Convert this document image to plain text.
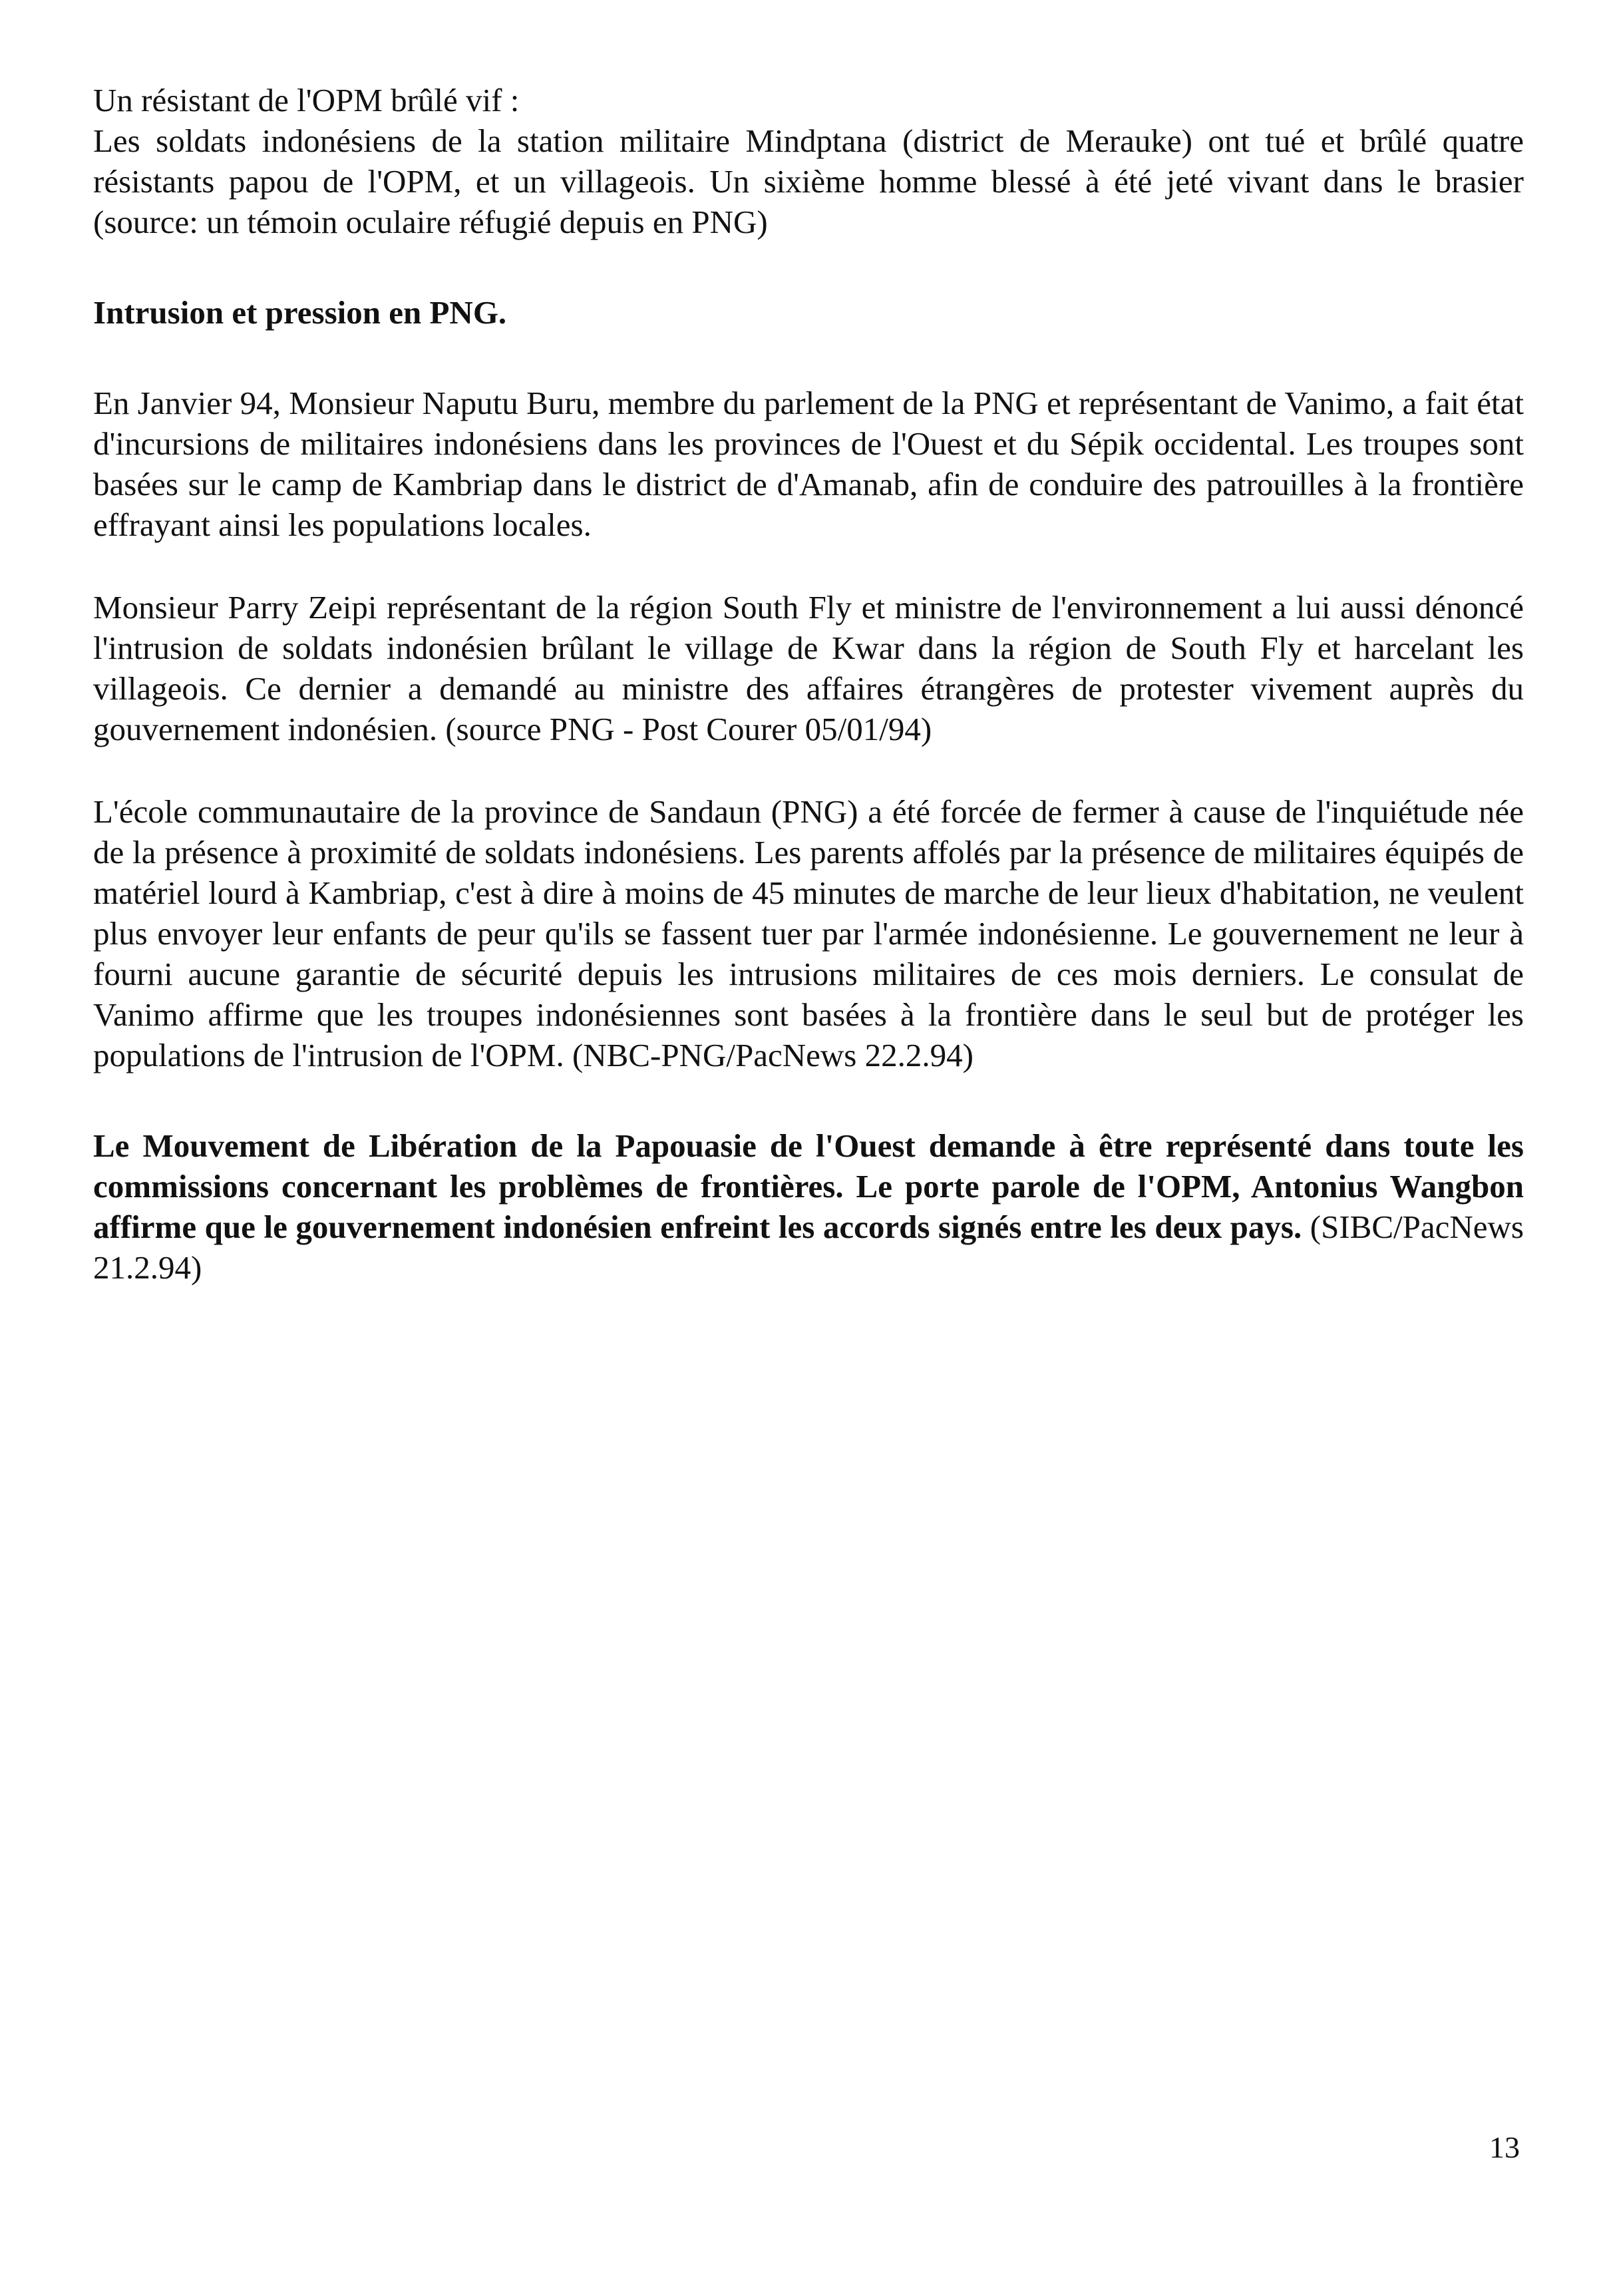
Un résistant de l'OPM brûlé vif :
Les soldats indonésiens de la station militaire Mindptana (district de Merauke) ont tué et brûlé quatre résistants papou de l'OPM, et un villageois. Un sixième homme blessé à été jeté vivant dans le brasier (source: un témoin oculaire réfugié depuis en PNG)

Intrusion et pression en PNG.

En Janvier 94, Monsieur Naputu Buru, membre du parlement de la PNG et représentant de Vanimo, a fait état d'incursions de militaires indonésiens dans les provinces de l'Ouest et du Sépik occidental. Les troupes sont basées sur le camp de Kambriap dans le district de d'Amanab, afin de conduire des patrouilles à la frontière effrayant ainsi les populations locales.

Monsieur Parry Zeipi représentant de la région South Fly et ministre de l'environnement a lui aussi dénoncé l'intrusion de soldats indonésien brûlant le village de Kwar dans la région de South Fly et harcelant les villageois. Ce dernier a demandé au ministre des affaires étrangères de protester vivement auprès du gouvernement indonésien. (source PNG - Post Courer 05/01/94)

L'école communautaire de la province de Sandaun (PNG) a été forcée de fermer à cause de l'inquiétude née de la présence à proximité de soldats indonésiens. Les parents affolés par la présence de militaires équipés de matériel lourd à Kambriap, c'est à dire à moins de 45 minutes de marche de leur lieux d'habitation, ne veulent plus envoyer leur enfants de peur qu'ils se fassent tuer par l'armée indonésienne. Le gouvernement ne leur à fourni aucune garantie de sécurité depuis les intrusions militaires de ces mois derniers. Le consulat de Vanimo affirme que les troupes indonésiennes sont basées à la frontière dans le seul but de protéger les populations de l'intrusion de l'OPM. (NBC-PNG/PacNews 22.2.94)

Le Mouvement de Libération de la Papouasie de l'Ouest demande à être représenté dans toute les commissions concernant les problèmes de frontières. Le porte parole de l'OPM, Antonius Wangbon affirme que le gouvernement indonésien enfreint les accords signés entre les deux pays. (SIBC/PacNews 21.2.94)

13
